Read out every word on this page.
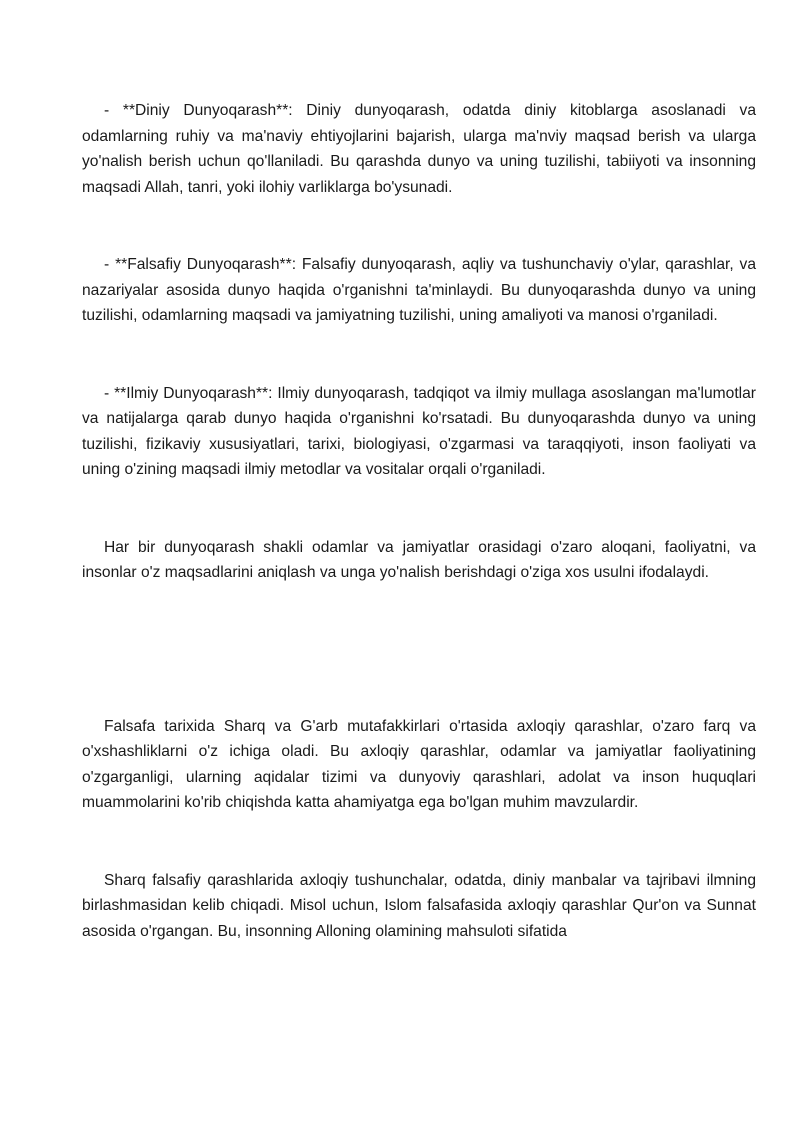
- **Diniy Dunyoqarash**: Diniy dunyoqarash, odatda diniy kitoblarga asoslanadi va odamlarning ruhiy va ma'naviy ehtiyojlarini bajarish, ularga ma'nviy maqsad berish va ularga yo'nalish berish uchun qo'llaniladi. Bu qarashda dunyo va uning tuzilishi, tabiiyoti va insonning maqsadi Allah, tanri, yoki ilohiy varliklarga bo'ysunadi.

- **Falsafiy Dunyoqarash**: Falsafiy dunyoqarash, aqliy va tushunchaviy o'ylar, qarashlar, va nazariyalar asosida dunyo haqida o'rganishni ta'minlaydi. Bu dunyoqarashda dunyo va uning tuzilishi, odamlarning maqsadi va jamiyatning tuzilishi, uning amaliyoti va manosi o'rganiladi.

- **Ilmiy Dunyoqarash**: Ilmiy dunyoqarash, tadqiqot va ilmiy mullaga asoslangan ma'lumotlar va natijalarga qarab dunyo haqida o'rganishni ko'rsatadi. Bu dunyoqarashda dunyo va uning tuzilishi, fizikaviy xususiyatlari, tarixi, biologiyasi, o'zgarmasi va taraqqiyoti, inson faoliyati va uning o'zining maqsadi ilmiy metodlar va vositalar orqali o'rganiladi.

Har bir dunyoqarash shakli odamlar va jamiyatlar orasidagi o'zaro aloqani, faoliyatni, va insonlar o'z maqsadlarini aniqlash va unga yo'nalish berishdagi o'ziga xos usulni ifodalaydi.

Falsafa tarixida Sharq va G'arb mutafakkirlari o'rtasida axloqiy qarashlar, o'zaro farq va o'xshashliklarni o'z ichiga oladi. Bu axloqiy qarashlar, odamlar va jamiyatlar faoliyatining o'zgarganligi, ularning aqidalar tizimi va dunyoviy qarashlari, adolat va inson huquqlari muammolarini ko'rib chiqishda katta ahamiyatga ega bo'lgan muhim mavzulardir.

Sharq falsafiy qarashlarida axloqiy tushunchalar, odatda, diniy manbalar va tajribavi ilmning birlashmasidan kelib chiqadi. Misol uchun, Islom falsafasida axloqiy qarashlar Qur'on va Sunnat asosida o'rgangan. Bu, insonning Alloning olamining mahsuloti sifatida
